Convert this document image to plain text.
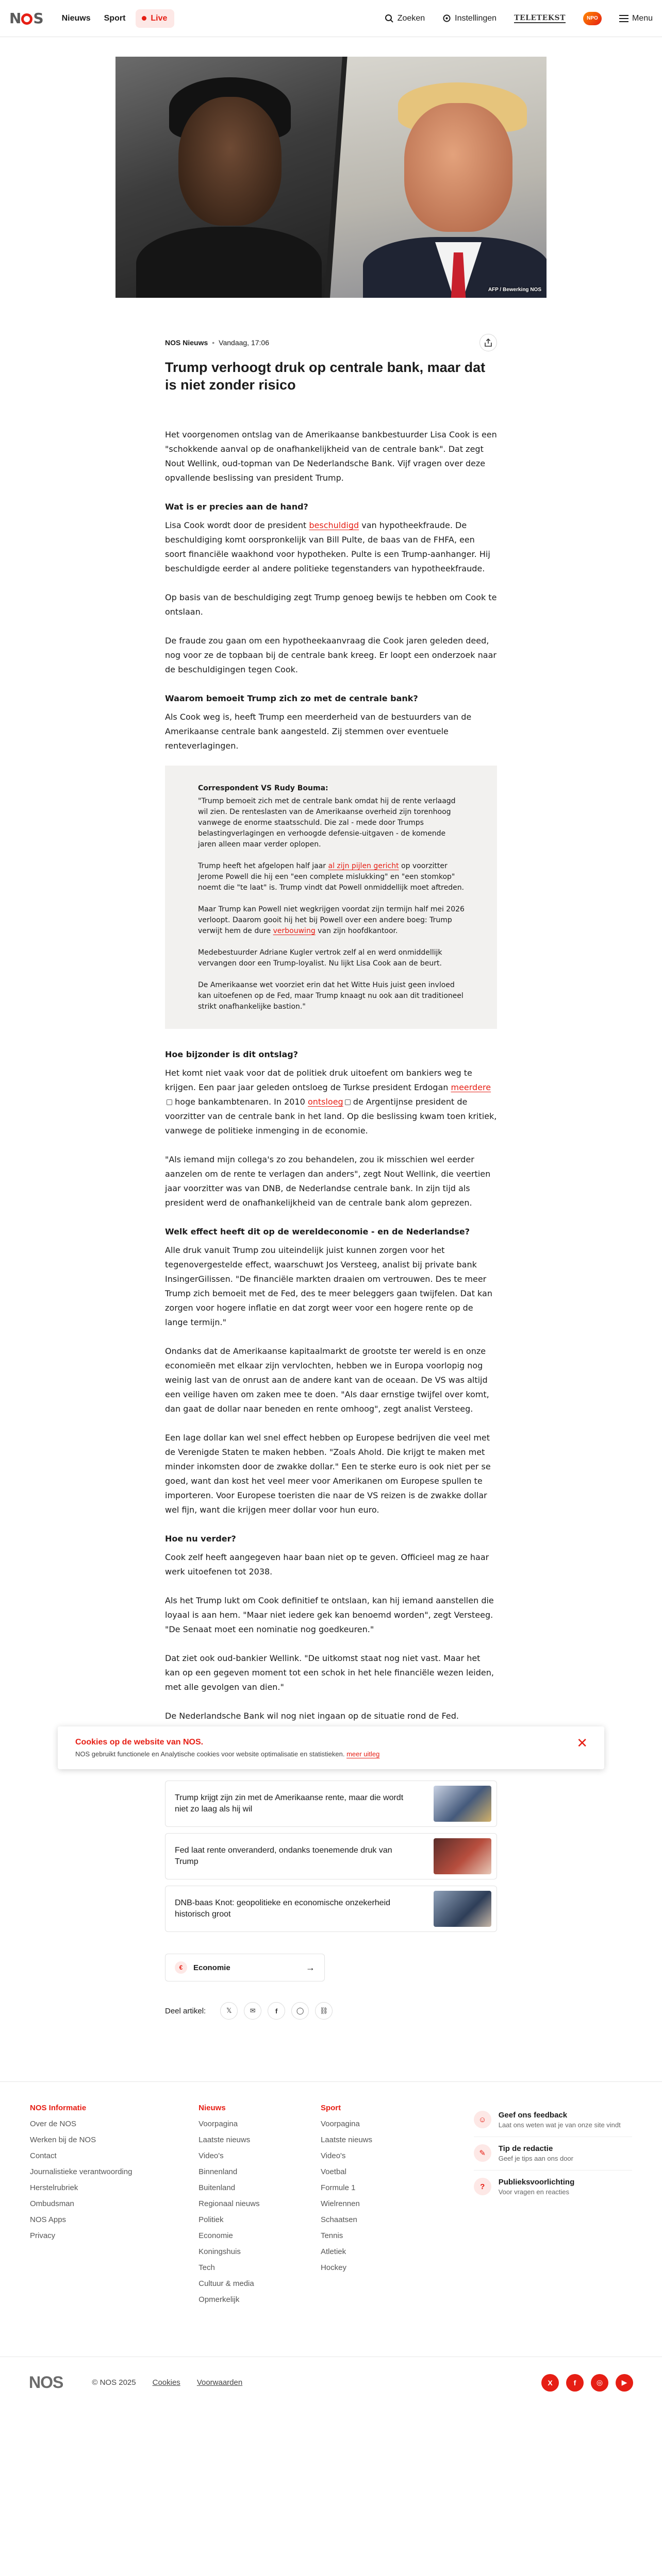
N S	Nieuws	Sport	Live	Zoeken	Instellingen TELETEKST	NPO	Menu
AFP / Bewerking NOS
NOS Nieuws • Vandaag, 17:06
Trump verhoogt druk op centrale bank, maar dat is niet zonder risico

Het voorgenomen ontslag van de Amerikaanse bankbestuurder Lisa Cook is een "schokkende aanval op de onafhankelijkheid van de centrale bank". Dat zegt Nout Wellink, oud-topman van De Nederlandsche Bank. Vijf vragen over deze opvallende beslissing van president Trump.

Wat is er precies aan de hand?

Lisa Cook wordt door de president beschuldigd van hypotheekfraude. De beschuldiging komt oorspronkelijk van Bill Pulte, de baas van de FHFA, een soort financiële waakhond voor hypotheken. Pulte is een Trump-aanhanger. Hij beschuldigde eerder al andere politieke tegenstanders van hypotheekfraude.

Op basis van de beschuldiging zegt Trump genoeg bewijs te hebben om Cook te ontslaan.

De fraude zou gaan om een hypotheekaanvraag die Cook jaren geleden deed, nog voor ze de topbaan bij de centrale bank kreeg. Er loopt een onderzoek naar de beschuldigingen tegen Cook.

Waarom bemoeit Trump zich zo met de centrale bank?

Als Cook weg is, heeft Trump een meerderheid van de bestuurders van de Amerikaanse centrale bank aangesteld. Zij stemmen over eventuele renteverlagingen.

Correspondent VS Rudy Bouma:

"Trump bemoeit zich met de centrale bank omdat hij de rente verlaagd wil zien. De renteslasten van de Amerikaanse overheid zijn torenhoog vanwege de enorme staatsschuld. Die zal - mede door Trumps belastingverlagingen en verhoogde defensie-uitgaven - de komende jaren alleen maar verder oplopen.

Trump heeft het afgelopen half jaar al zijn pijlen gericht op voorzitter Jerome Powell die hij een "een complete mislukking" en "een stomkop" noemt die "te laat" is. Trump vindt dat Powell onmiddellijk moet aftreden.

Maar Trump kan Powell niet wegkrijgen voordat zijn termijn half mei 2026 verloopt. Daarom gooit hij het bij Powell over een andere boeg: Trump verwijt hem de dure verbouwing van zijn hoofdkantoor.

Medebestuurder Adriane Kugler vertrok zelf al en werd onmiddellijk vervangen door een Trump-loyalist. Nu lijkt Lisa Cook aan de beurt.

De Amerikaanse wet voorziet erin dat het Witte Huis juist geen invloed kan uitoefenen op de Fed, maar Trump knaagt nu ook aan dit traditioneel strikt onafhankelijke bastion."

Hoe bijzonder is dit ontslag?

Het komt niet vaak voor dat de politiek druk uitoefent om bankiers weg te krijgen. Een paar jaar geleden ontsloeg de Turkse president Erdogan meerdere hoge bankambtenaren. In 2010 ontsloeg de Argentijnse president de voorzitter van de centrale bank in het land. Op die beslissing kwam toen kritiek, vanwege de politieke inmenging in de economie.

"Als iemand mijn collega's zo zou behandelen, zou ik misschien wel eerder aanzelen om de rente te verlagen dan anders", zegt Nout Wellink, die veertien jaar voorzitter was van DNB, de Nederlandse centrale bank. In zijn tijd als president werd de onafhankelijkheid van de centrale bank alom geprezen.

Welk effect heeft dit op de wereldeconomie - en de Nederlandse?

Alle druk vanuit Trump zou uiteindelijk juist kunnen zorgen voor het tegenovergestelde effect, waarschuwt Jos Versteeg, analist bij private bank InsingerGilissen. "De financiële markten draaien om vertrouwen. Des te meer Trump zich bemoeit met de Fed, des te meer beleggers gaan twijfelen. Dat kan zorgen voor hogere inflatie en dat zorgt weer voor een hogere rente op de lange termijn."

Ondanks dat de Amerikaanse kapitaalmarkt de grootste ter wereld is en onze economieën met elkaar zijn vervlochten, hebben we in Europa voorlopig nog weinig last van de onrust aan de andere kant van de oceaan. De VS was altijd een veilige haven om zaken mee te doen. "Als daar ernstige twijfel over komt, dan gaat de dollar naar beneden en rente omhoog", zegt analist Versteeg.

Een lage dollar kan wel snel effect hebben op Europese bedrijven die veel met de Verenigde Staten te maken hebben. "Zoals Ahold. Die krijgt te maken met minder inkomsten door de zwakke dollar." Een te sterke euro is ook niet per se goed, want dan kost het veel meer voor Amerikanen om Europese spullen te importeren. Voor Europese toeristen die naar de VS reizen is de zwakke dollar wel fijn, want die krijgen meer dollar voor hun euro.

Hoe nu verder?

Cook zelf heeft aangegeven haar baan niet op te geven. Officieel mag ze haar werk uitoefenen tot 2038.

Als het Trump lukt om Cook definitief te ontslaan, kan hij iemand aanstellen die loyaal is aan hem. "Maar niet iedere gek kan benoemd worden", zegt Versteeg. "De Senaat moet een nominatie nog goedkeuren."

Dat ziet ook oud-bankier Wellink. "De uitkomst staat nog niet vast. Maar het kan op een gegeven moment tot een schok in het hele financiële wezen leiden, met alle gevolgen van dien."

De Nederlandsche Bank wil nog niet ingaan op de situatie rond de Fed.

Cookies op de website van NOS.
NOS gebruikt functionele en Analytische cookies voor website optimalisatie en statistieken. meer uitleg
✕
Trump krijgt zijn zin met de Amerikaanse rente, maar die wordt niet zo laag als hij wil
Fed laat rente onveranderd, ondanks toenemende druk van Trump
DNB-baas Knot: geopolitieke en economische onzekerheid historisch groot
€	Economie	→
Deel artikel:	𝕏	✉	f	◯ ⛓
NOS Informatie
Over de NOS
Werken bij de NOS
Contact
Journalistieke verantwoording
Herstelrubriek
Ombudsman
NOS Apps
Privacy
Nieuws
Voorpagina
Laatste nieuws
Video's
Binnenland
Buitenland
Regionaal nieuws
Politiek
Economie
Koningshuis
Tech
Cultuur & media
Opmerkelijk
Sport
Voorpagina
Laatste nieuws
Video's
Voetbal
Formule 1
Wielrennen
Schaatsen
Tennis
Atletiek
Hockey
☺	Geef ons feedback
Laat ons weten wat je van onze site vindt
✎
Tip de redactie
Geef je tips aan ons door
?	Publieksvoorlichting
Voor vragen en reacties
NOS	© NOS 2025 Cookies Voorwaarden	X	f	◎	▶
